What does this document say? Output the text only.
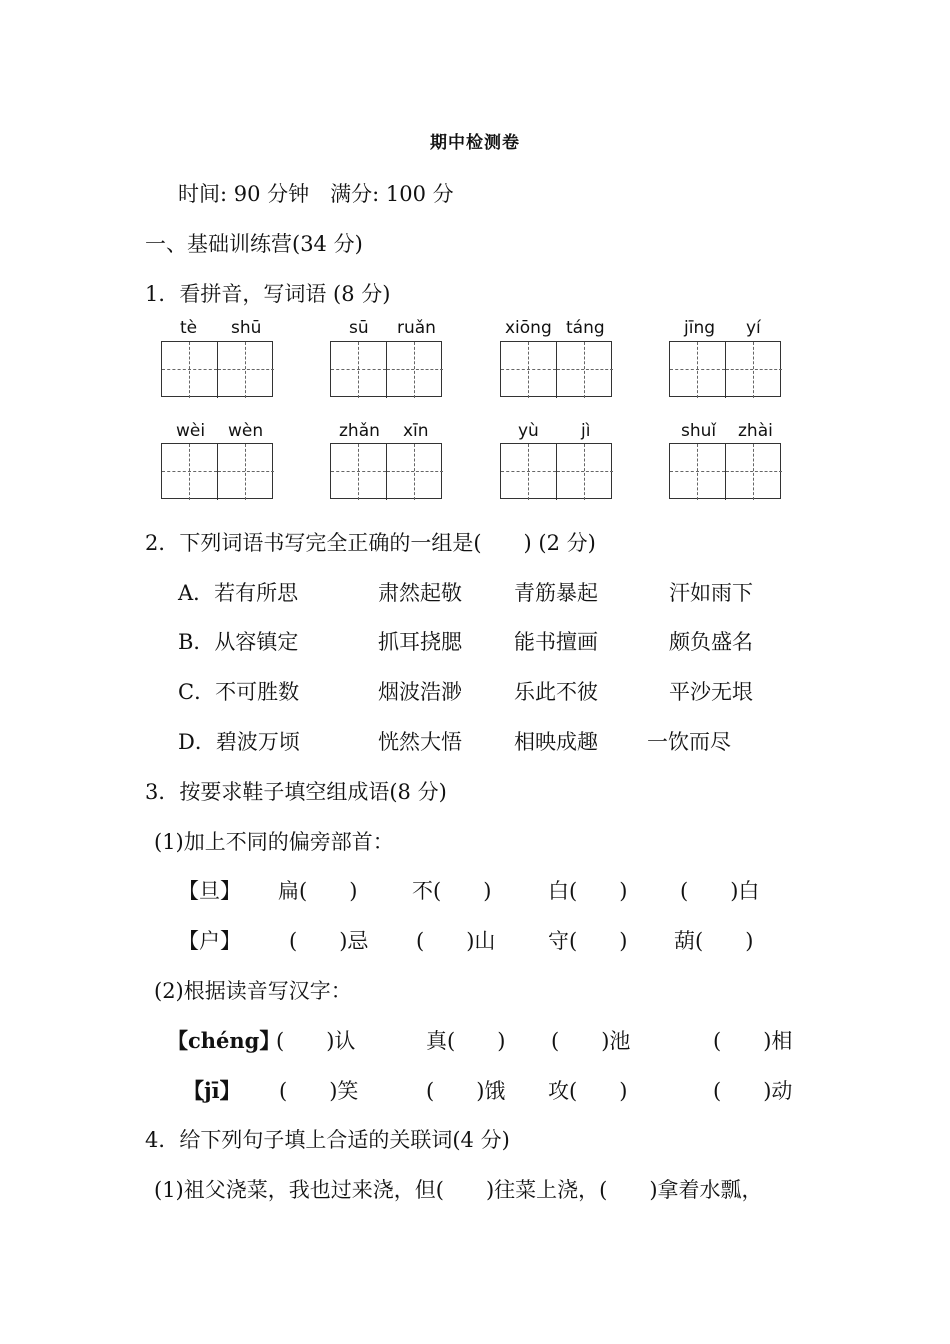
期中检测卷
时间: 90 分钟　满分: 100 分
一、基础训练营(34 分)
1．看拼音，写词语 (8 分)
tè shū	sū ruǎn	xiōng táng	jīng yí
wèi wèn	zhǎn xīn	yù jì	shuǐ zhài
2．下列词语书写完全正确的一组是(　　) (2 分)
A．若有所思	肃然起敬 青筋暴起	汗如雨下
B．从容镇定	抓耳挠腮 能书擅画	颇负盛名
C．不可胜数	烟波浩渺 乐此不彼	平沙无垠
D．碧波万顷	恍然大悟 相映成趣 一饮而尽
3．按要求鞋子填空组成语(8 分)
(1)加上不同的偏旁部首：
【旦】 扁(　　)	不(　　)	白(　　)	(　　)白
【户】 (　　)忌 (　　)山	守(　　) 葫(　　)
(2)根据读音写汉字：
【chéng】
(　　)认	真(　　) (　　)池	(　　)相
【jī】 (　　)笑	(　　)饿 攻(　　)	(　　)动
4．给下列句子填上合适的关联词(4 分)
(1)祖父浇菜，我也过来浇，但(　　)往菜上浇，(　　)拿着水瓢，
